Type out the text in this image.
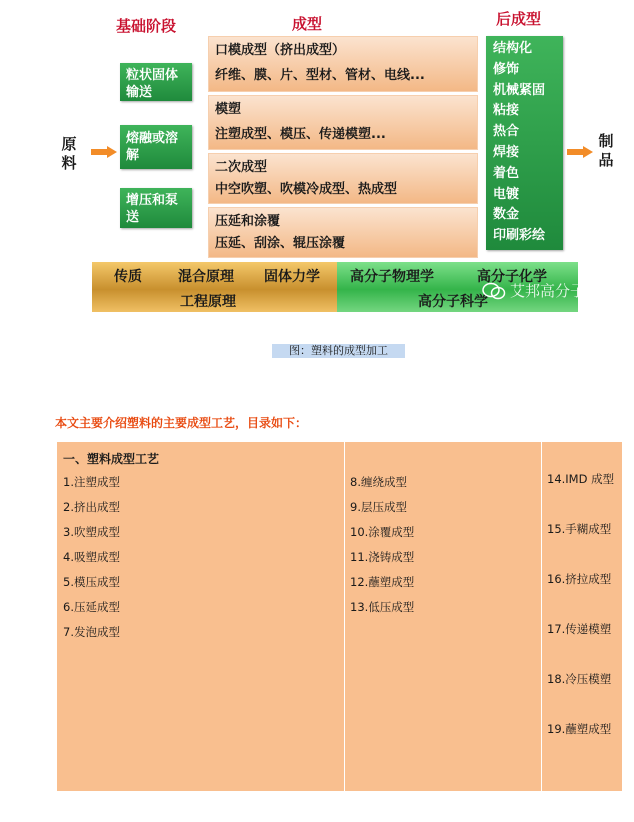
基础阶段	成型	后成型
原料
粒状固体输送
熔融或溶解
增压和泵送
口模成型（挤出成型）
纤维、膜、片、型材、管材、电线...
模塑
注塑成型、模压、传递模塑...
二次成型
中空吹塑、吹模冷成型、热成型
压延和涂覆
压延、刮涂、辊压涂覆
结构化
修饰
机械紧固
粘接
热合
焊接
着色
电镀
数金
印刷彩绘
制品
传质	混合原理 固体力学 高分子物理学	高分子化学
工程原理	高分子科学
艾邦高分子
图：塑料的成型加工
本文主要介绍塑料的主要成型工艺，目录如下：
一、塑料成型工艺
1.注塑成型
2.挤出成型
3.吹塑成型
4.吸塑成型
5.模压成型
6.压延成型
7.发泡成型
8.缠绕成型
9.层压成型
10.涂覆成型
11.浇铸成型
12.蘸塑成型
13.低压成型
14.IMD 成型
15.手糊成型
16.挤拉成型
17.传递模塑
18.冷压模塑
19.蘸塑成型
